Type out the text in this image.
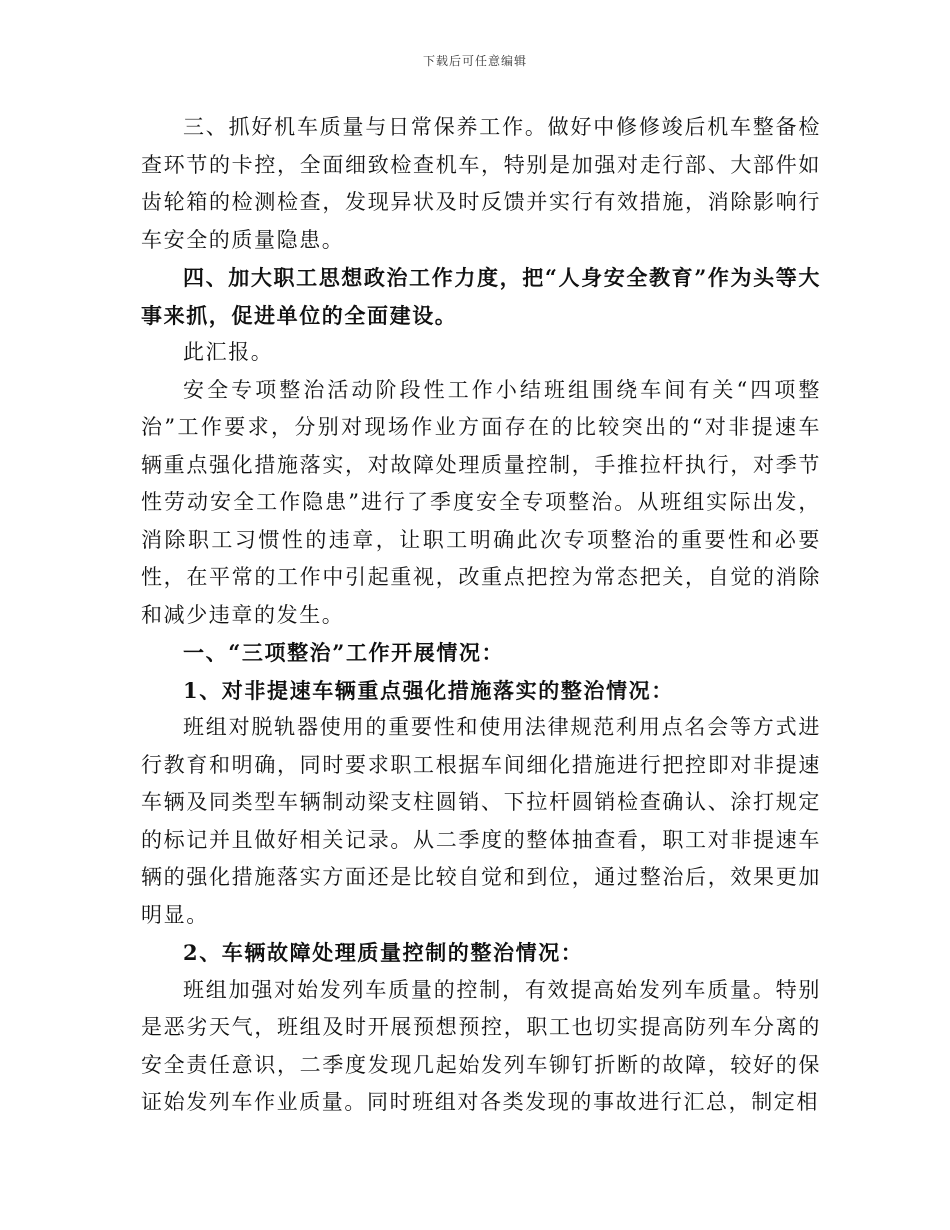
下载后可任意编辑

三、抓好机车质量与日常保养工作。做好中修修竣后机车整备检查环节的卡控，全面细致检查机车，特别是加强对走行部、大部件如齿轮箱的检测检查，发现异状及时反馈并实行有效措施，消除影响行车安全的质量隐患。

四、加大职工思想政治工作力度，把“人身安全教育”作为头等大事来抓，促进单位的全面建设。

此汇报。

安全专项整治活动阶段性工作小结班组围绕车间有关“四项整治”工作要求，分别对现场作业方面存在的比较突出的“对非提速车辆重点强化措施落实，对故障处理质量控制，手推拉杆执行，对季节性劳动安全工作隐患”进行了季度安全专项整治。从班组实际出发，消除职工习惯性的违章，让职工明确此次专项整治的重要性和必要性，在平常的工作中引起重视，改重点把控为常态把关，自觉的消除和减少违章的发生。

一、“三项整治”工作开展情况：

1、对非提速车辆重点强化措施落实的整治情况：

班组对脱轨器使用的重要性和使用法律规范利用点名会等方式进行教育和明确，同时要求职工根据车间细化措施进行把控即对非提速车辆及同类型车辆制动梁支柱圆销、下拉杆圆销检查确认、涂打规定的标记并且做好相关记录。从二季度的整体抽查看，职工对非提速车辆的强化措施落实方面还是比较自觉和到位，通过整治后，效果更加明显。

2、车辆故障处理质量控制的整治情况：

班组加强对始发列车质量的控制，有效提高始发列车质量。特别是恶劣天气，班组及时开展预想预控，职工也切实提高防列车分离的安全责任意识，二季度发现几起始发列车铆钉折断的故障，较好的保证始发列车作业质量。同时班组对各类发现的事故进行汇总，制定相
